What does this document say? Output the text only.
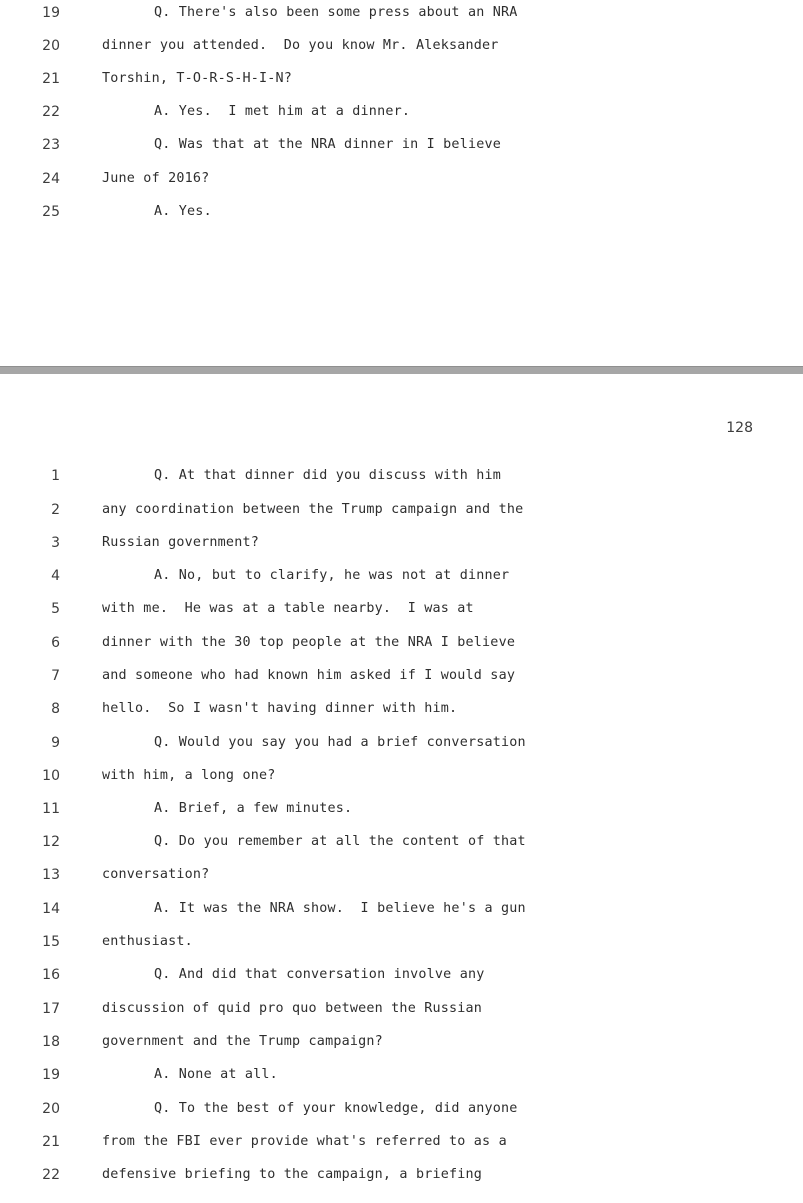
19	Q. There's also been some press about an NRA
20	dinner you attended.  Do you know Mr. Aleksander
21	Torshin, T-O-R-S-H-I-N?
22	A. Yes.  I met him at a dinner.
23	Q. Was that at the NRA dinner in I believe
24	June of 2016?
25	A. Yes.
128
1	Q. At that dinner did you discuss with him
2	any coordination between the Trump campaign and the
3	Russian government?
4	A. No, but to clarify, he was not at dinner
5	with me.  He was at a table nearby.  I was at
6	dinner with the 30 top people at the NRA I believe
7	and someone who had known him asked if I would say
8	hello.  So I wasn't having dinner with him.
9	Q. Would you say you had a brief conversation
10	with him, a long one?
11	A. Brief, a few minutes.
12	Q. Do you remember at all the content of that
13	conversation?
14	A. It was the NRA show.  I believe he's a gun
15	enthusiast.
16	Q. And did that conversation involve any
17	discussion of quid pro quo between the Russian
18	government and the Trump campaign?
19	A. None at all.
20	Q. To the best of your knowledge, did anyone
21	from the FBI ever provide what's referred to as a
22	defensive briefing to the campaign, a briefing
